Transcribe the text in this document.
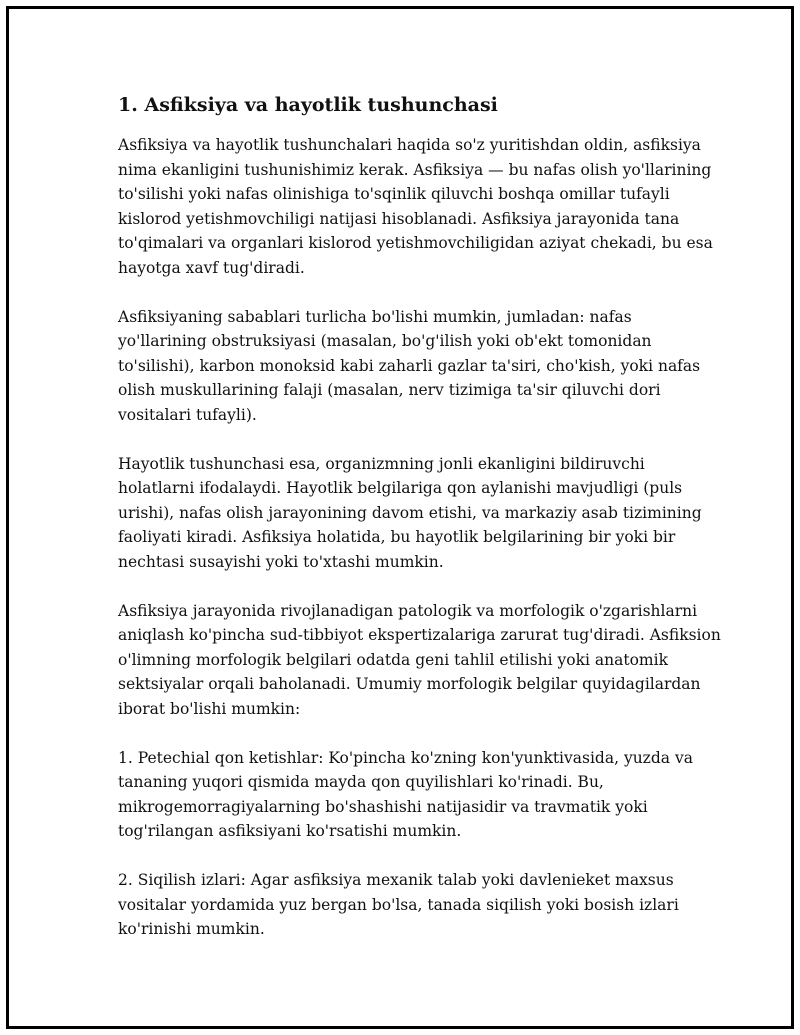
1. Asfiksiya va hayotlik tushunchasi

Asfiksiya va hayotlik tushunchalari haqida so'z yuritishdan oldin, asfiksiya
nima ekanligini tushunishimiz kerak. Asfiksiya — bu nafas olish yo'llarining
to'silishi yoki nafas olinishiga to'sqinlik qiluvchi boshqa omillar tufayli
kislorod yetishmovchiligi natijasi hisoblanadi. Asfiksiya jarayonida tana
to'qimalari va organlari kislorod yetishmovchiligidan aziyat chekadi, bu esa
hayotga xavf tug'diradi.

Asfiksiyaning sabablari turlicha bo'lishi mumkin, jumladan: nafas
yo'llarining obstruksiyasi (masalan, bo'g'ilish yoki ob'ekt tomonidan
to'silishi), karbon monoksid kabi zaharli gazlar ta'siri, cho'kish, yoki nafas
olish muskullarining falaji (masalan, nerv tizimiga ta'sir qiluvchi dori
vositalari tufayli).

Hayotlik tushunchasi esa, organizmning jonli ekanligini bildiruvchi
holatlarni ifodalaydi. Hayotlik belgilariga qon aylanishi mavjudligi (puls
urishi), nafas olish jarayonining davom etishi, va markaziy asab tizimining
faoliyati kiradi. Asfiksiya holatida, bu hayotlik belgilarining bir yoki bir
nechtasi susayishi yoki to'xtashi mumkin.

Asfiksiya jarayonida rivojlanadigan patologik va morfologik o'zgarishlarni
aniqlash ko'pincha sud-tibbiyot ekspertizalariga zarurat tug'diradi. Asfiksion
o'limning morfologik belgilari odatda geni tahlil etilishi yoki anatomik
sektsiyalar orqali baholanadi. Umumiy morfologik belgilar quyidagilardan
iborat bo'lishi mumkin:

1. Petechial qon ketishlar: Ko'pincha ko'zning kon'yunktivasida, yuzda va
tananing yuqori qismida mayda qon quyilishlari ko'rinadi. Bu,
mikrogemorragiyalarning bo'shashishi natijasidir va travmatik yoki
tog'rilangan asfiksiyani ko'rsatishi mumkin.

2. Siqilish izlari: Agar asfiksiya mexanik talab yoki davlenieket maxsus
vositalar yordamida yuz bergan bo'lsa, tanada siqilish yoki bosish izlari
ko'rinishi mumkin.
